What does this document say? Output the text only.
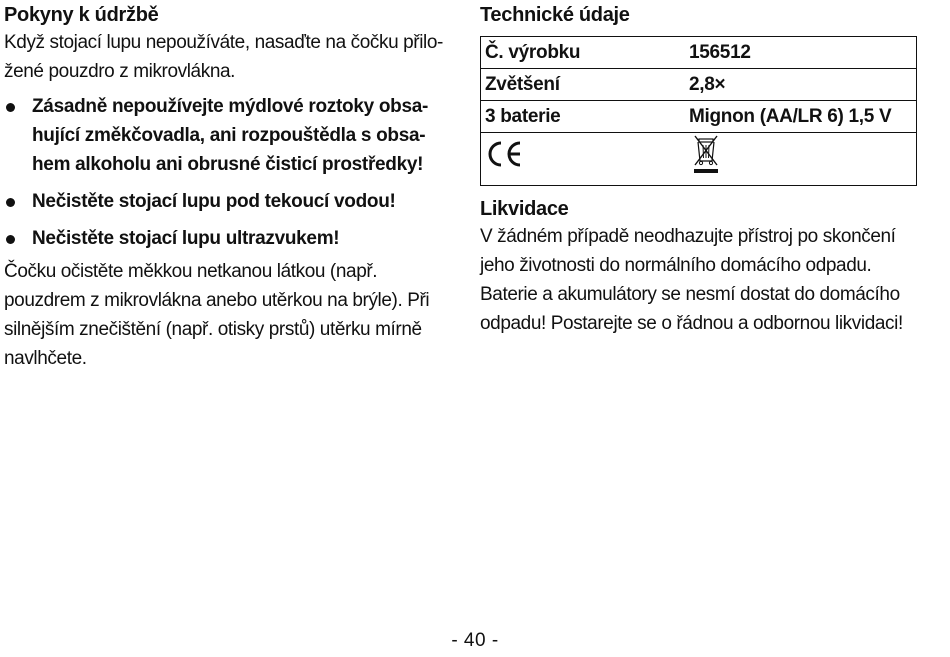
Pokyny k údržbě

Když stojací lupu nepoužíváte, nasaďte na čočku přilo-
žené pouzdro z mikrovlákna.

Zásadně nepoužívejte mýdlové roztoky obsa-
hující změkčovadla, ani rozpouštědla s obsa-
hem alkoholu ani obrusné čisticí prostředky!
Nečistěte stojací lupu pod tekoucí vodou!
Nečistěte stojací lupu ultrazvukem!

Čočku očistěte měkkou netkanou látkou (např.
pouzdrem z mikrovlákna anebo utěrkou na brýle). Při
silnějším znečištění (např. otisky prstů) utěrku mírně
navlhčete.

Technické údaje
Č. výrobku	156512
Zvětšení	2,8×
3 baterie	Mignon (AA/LR 6) 1,5 V

Likvidace

V žádném případě neodhazujte přístroj po skončení
jeho životnosti do normálního domácího odpadu.
Baterie a akumulátory se nesmí dostat do domácího
odpadu! Postarejte se o řádnou a odbornou likvidaci!

- 40 -
